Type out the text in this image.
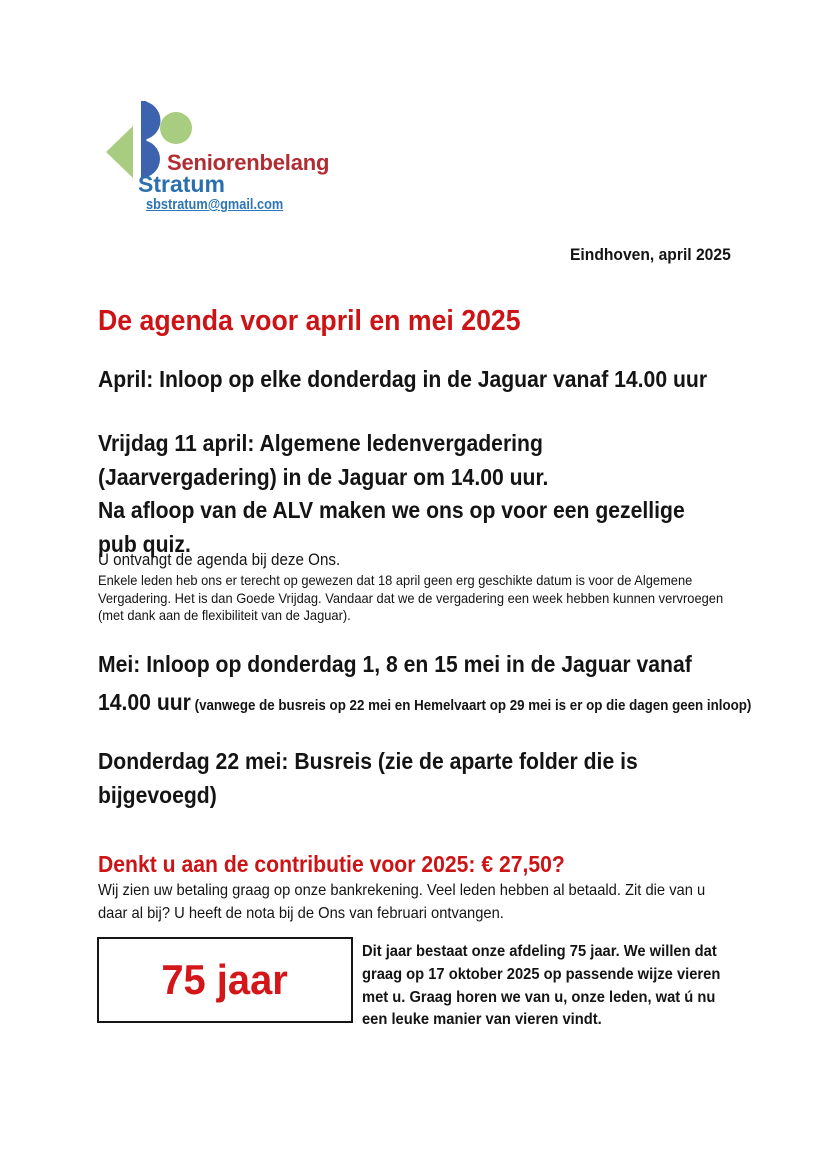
Seniorenbelang
Stratum
sbstratum@gmail.com
Eindhoven, april 2025
De agenda voor april en mei 2025
April: Inloop op elke donderdag in de Jaguar vanaf 14.00 uur
Vrijdag 11 april: Algemene ledenvergadering
(Jaarvergadering) in de Jaguar om 14.00 uur.
Na afloop van de ALV maken we ons op voor een gezellige
pub quiz.
U ontvangt de agenda bij deze Ons.
Enkele leden heb ons er terecht op gewezen dat 18 april geen erg geschikte datum is voor de Algemene
Vergadering. Het is dan Goede Vrijdag. Vandaar dat we de vergadering een week hebben kunnen vervroegen
(met dank aan de flexibiliteit van de Jaguar).
Mei: Inloop op donderdag 1, 8 en 15 mei in de Jaguar vanaf
14.00 uur (vanwege de busreis op 22 mei en Hemelvaart op 29 mei is er op die dagen geen inloop)
Donderdag 22 mei: Busreis (zie de aparte folder die is
bijgevoegd)
Denkt u aan de contributie voor 2025: € 27,50?
Wij zien uw betaling graag op onze bankrekening. Veel leden hebben al betaald. Zit die van u
daar al bij? U heeft de nota bij de Ons van februari ontvangen.
75 jaar
Dit jaar bestaat onze afdeling 75 jaar. We willen dat
graag op 17 oktober 2025 op passende wijze vieren
met u. Graag horen we van u, onze leden, wat ú nu
een leuke manier van vieren vindt.
